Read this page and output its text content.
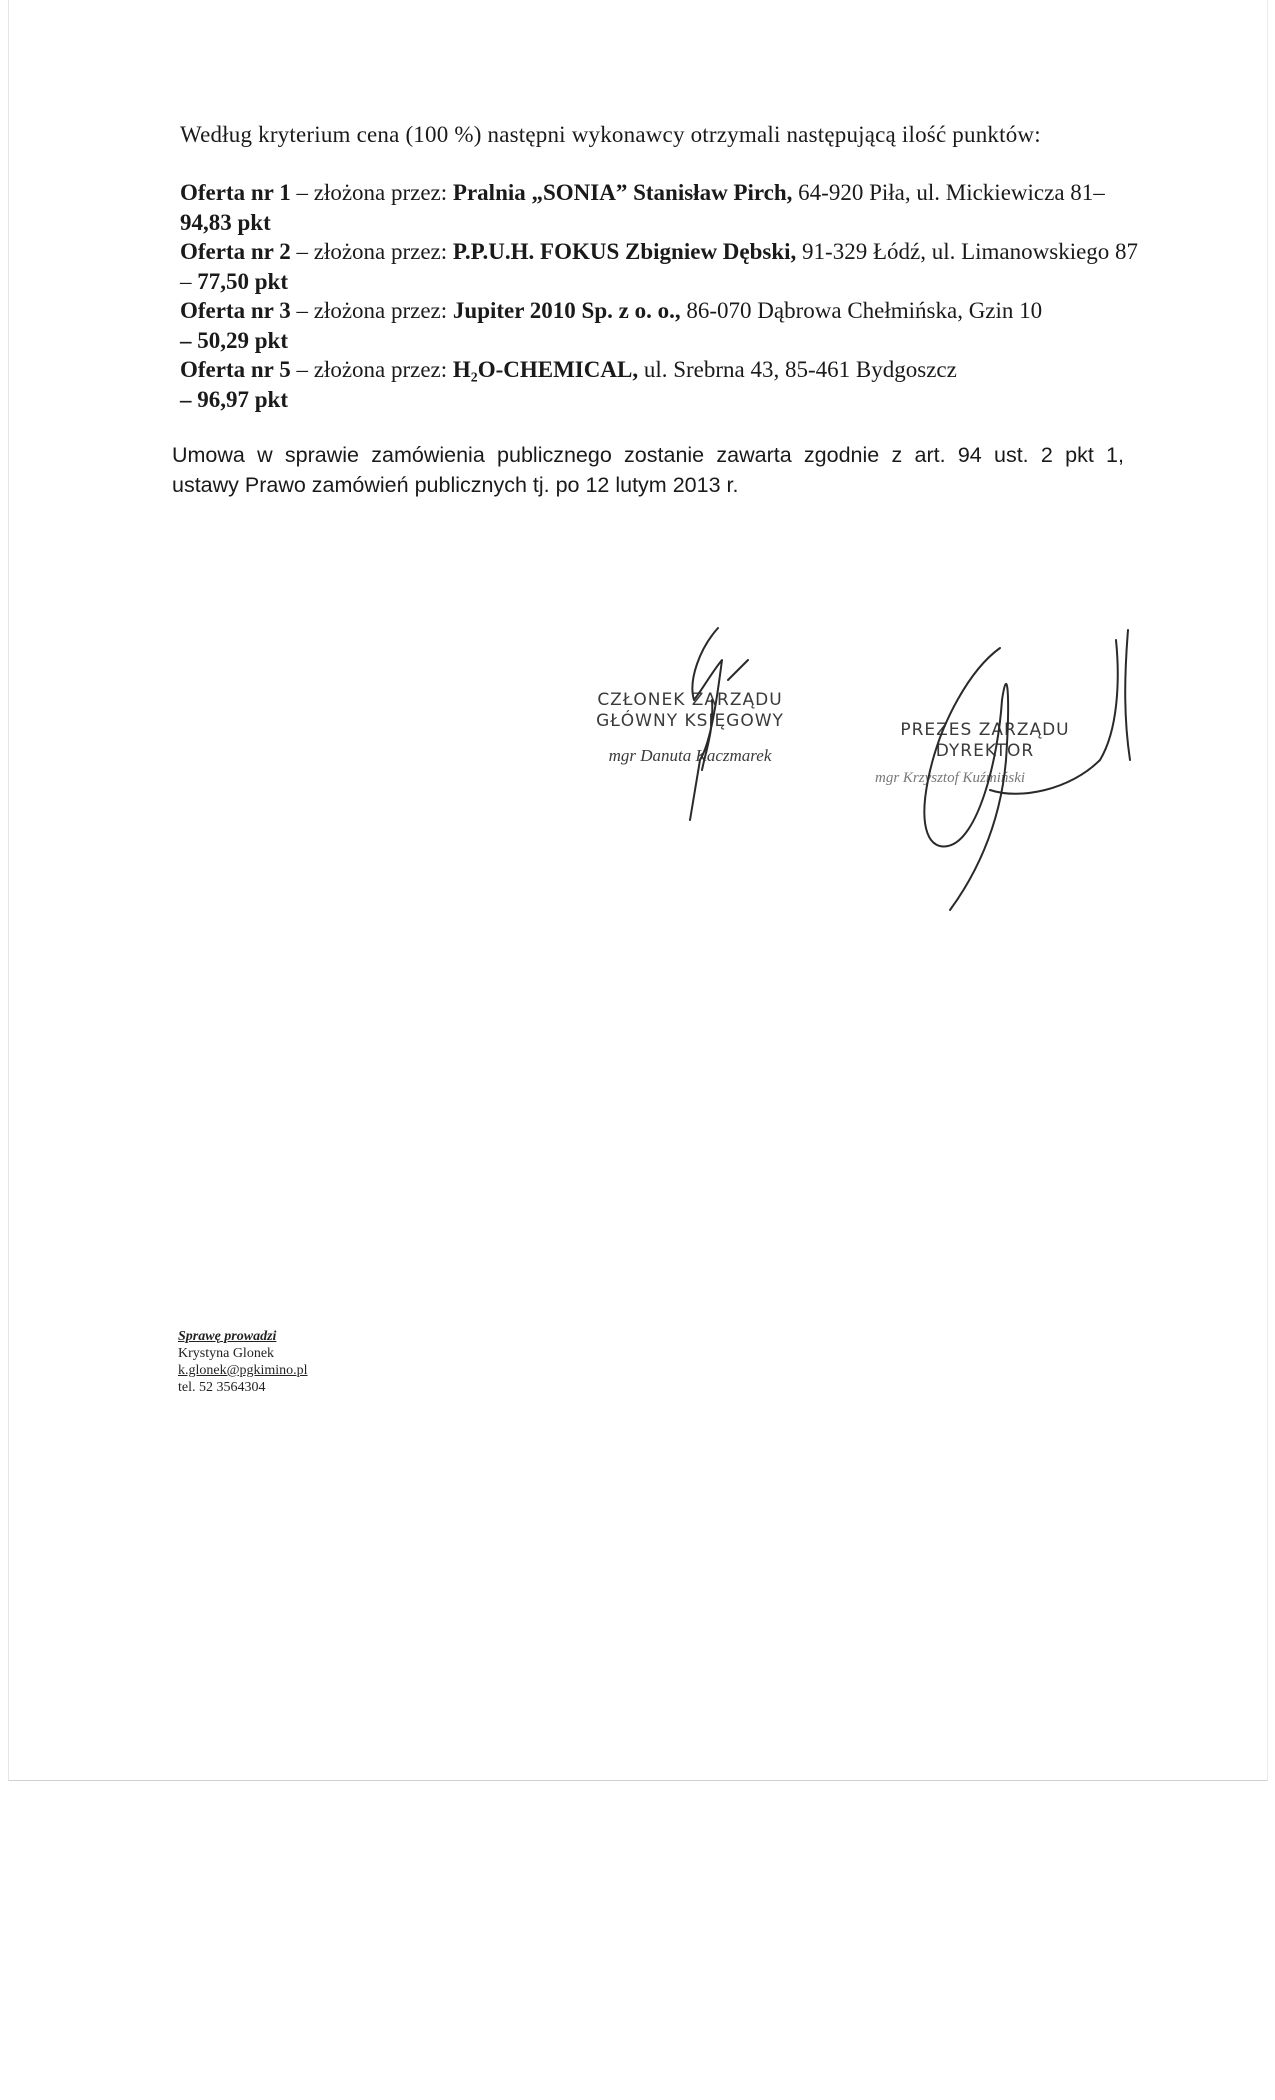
Według kryterium cena (100 %) następni wykonawcy otrzymali następującą ilość punktów:

Oferta nr 1 – złożona przez: Pralnia „SONIA” Stanisław Pirch, 64-920 Piła, ul. Mickiewicza 81– 94,83 pkt

Oferta nr 2 – złożona przez: P.P.U.H. FOKUS Zbigniew Dębski, 91-329 Łódź, ul. Limanowskiego 87 – 77,50 pkt

Oferta nr 3 – złożona przez: Jupiter 2010 Sp. z o. o., 86-070 Dąbrowa Chełmińska, Gzin 10
– 50,29 pkt

Oferta nr 5 – złożona przez: H₂O-CHEMICAL, ul. Srebrna 43, 85-461 Bydgoszcz
– 96,97 pkt

Umowa w sprawie zamówienia publicznego zostanie zawarta zgodnie z art. 94 ust. 2 pkt 1,

ustawy Prawo zamówień publicznych tj. po 12 lutym 2013 r.

CZŁONEK ZARZĄDU
GŁÓWNY KSIĘGOWY
mgr Danuta Kaczmarek
PREZES ZARZĄDU
DYREKTOR
mgr Krzysztof Kuźmiński
Sprawę prowadzi
Krystyna Glonek
k.glonek@pgkimino.pl
tel. 52 3564304
